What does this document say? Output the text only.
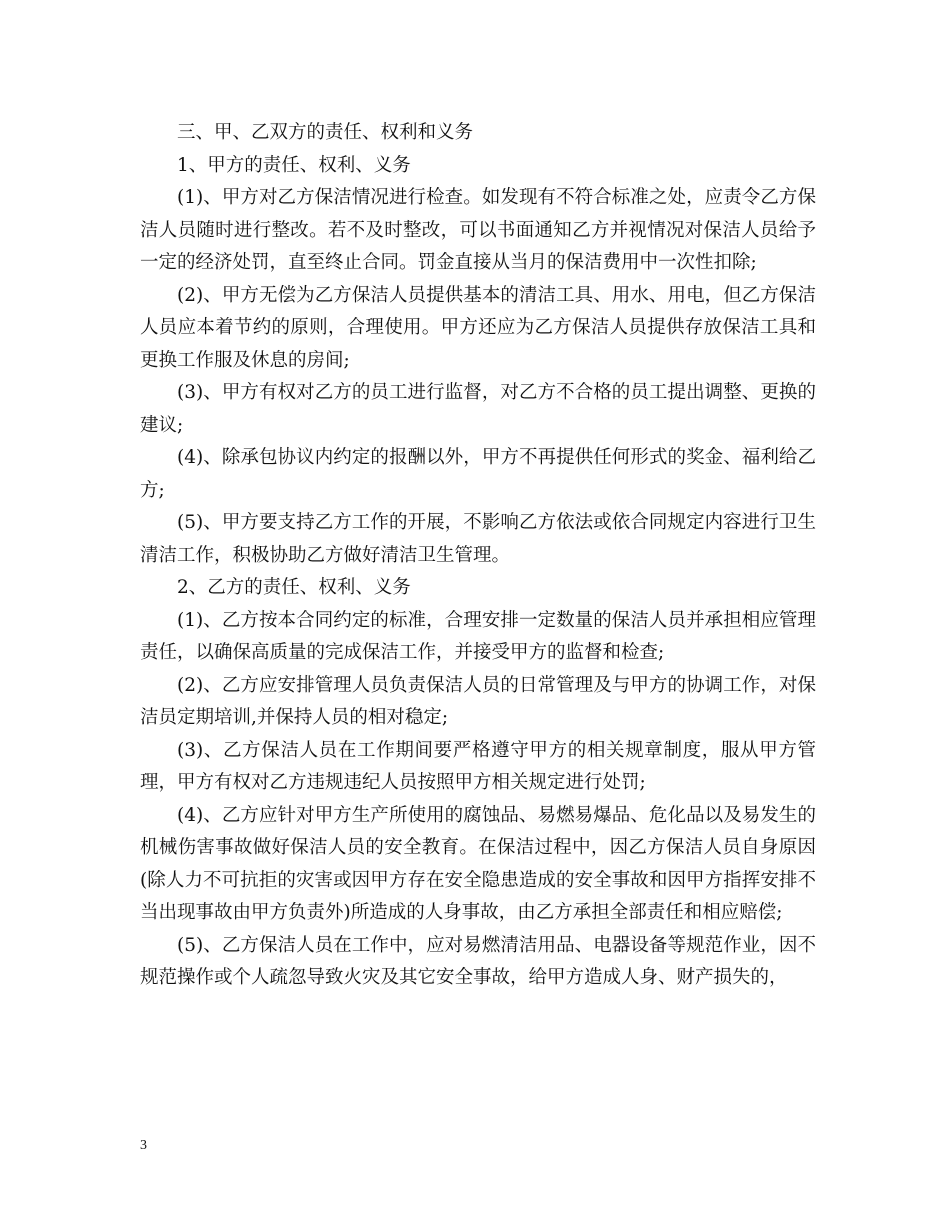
三、甲、乙双方的责任、权利和义务

1、甲方的责任、权利、义务

(1)、甲方对乙方保洁情况进行检查。如发现有不符合标准之处，应责令乙方保洁人员随时进行整改。若不及时整改，可以书面通知乙方并视情况对保洁人员给予一定的经济处罚，直至终止合同。罚金直接从当月的保洁费用中一次性扣除;

(2)、甲方无偿为乙方保洁人员提供基本的清洁工具、用水、用电，但乙方保洁人员应本着节约的原则，合理使用。甲方还应为乙方保洁人员提供存放保洁工具和更换工作服及休息的房间;

(3)、甲方有权对乙方的员工进行监督，对乙方不合格的员工提出调整、更换的建议;

(4)、除承包协议内约定的报酬以外，甲方不再提供任何形式的奖金、福利给乙方;

(5)、甲方要支持乙方工作的开展，不影响乙方依法或依合同规定内容进行卫生清洁工作，积极协助乙方做好清洁卫生管理。

2、乙方的责任、权利、义务

(1)、乙方按本合同约定的标准，合理安排一定数量的保洁人员并承担相应管理责任，以确保高质量的完成保洁工作，并接受甲方的监督和检查;

(2)、乙方应安排管理人员负责保洁人员的日常管理及与甲方的协调工作，对保洁员定期培训,并保持人员的相对稳定;

(3)、乙方保洁人员在工作期间要严格遵守甲方的相关规章制度，服从甲方管理，甲方有权对乙方违规违纪人员按照甲方相关规定进行处罚;

(4)、乙方应针对甲方生产所使用的腐蚀品、易燃易爆品、危化品以及易发生的机械伤害事故做好保洁人员的安全教育。在保洁过程中，因乙方保洁人员自身原因(除人力不可抗拒的灾害或因甲方存在安全隐患造成的安全事故和因甲方指挥安排不当出现事故由甲方负责外)所造成的人身事故，由乙方承担全部责任和相应赔偿;

(5)、乙方保洁人员在工作中，应对易燃清洁用品、电器设备等规范作业，因不规范操作或个人疏忽导致火灾及其它安全事故，给甲方造成人身、财产损失的，

3
